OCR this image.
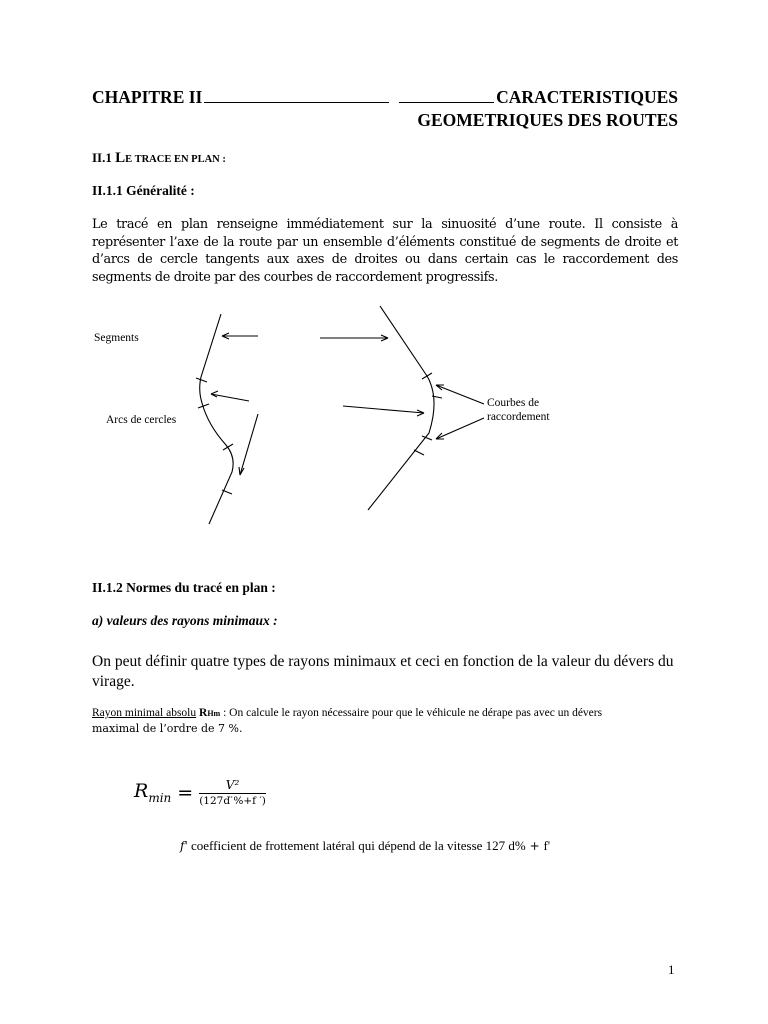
CHAPITRE II	CARACTERISTIQUES
GEOMETRIQUES DES ROUTES
II.1 LE TRACE EN PLAN :
II.1.1 Généralité :
Le tracé en plan renseigne immédiatement sur la sinuosité d’une route. Il consiste à représenter l’axe de la route par un ensemble d’éléments constitué de segments de droite et d’arcs de cercle tangents aux axes de droites ou dans certain cas le raccordement des segments de droite par des courbes de raccordement progressifs.
Segments
Arcs de cercles
Courbes de
raccordement
II.1.2 Normes du tracé en plan :
a) valeurs des rayons minimaux :
On peut définir quatre types de rayons minimaux et ceci en fonction de la valeur du dévers du virage.
Rayon minimal absolu RHm : On calcule le rayon nécessaire pour que le véhicule ne dérape pas avec un dévers
maximal de l’ordre de 7 %.
$R_{min} = \frac{\text{V²}}{(127d ̈\%+f ')}$
f' coefficient de frottement latéral qui dépend de la vitesse 127 d% + f'
1
